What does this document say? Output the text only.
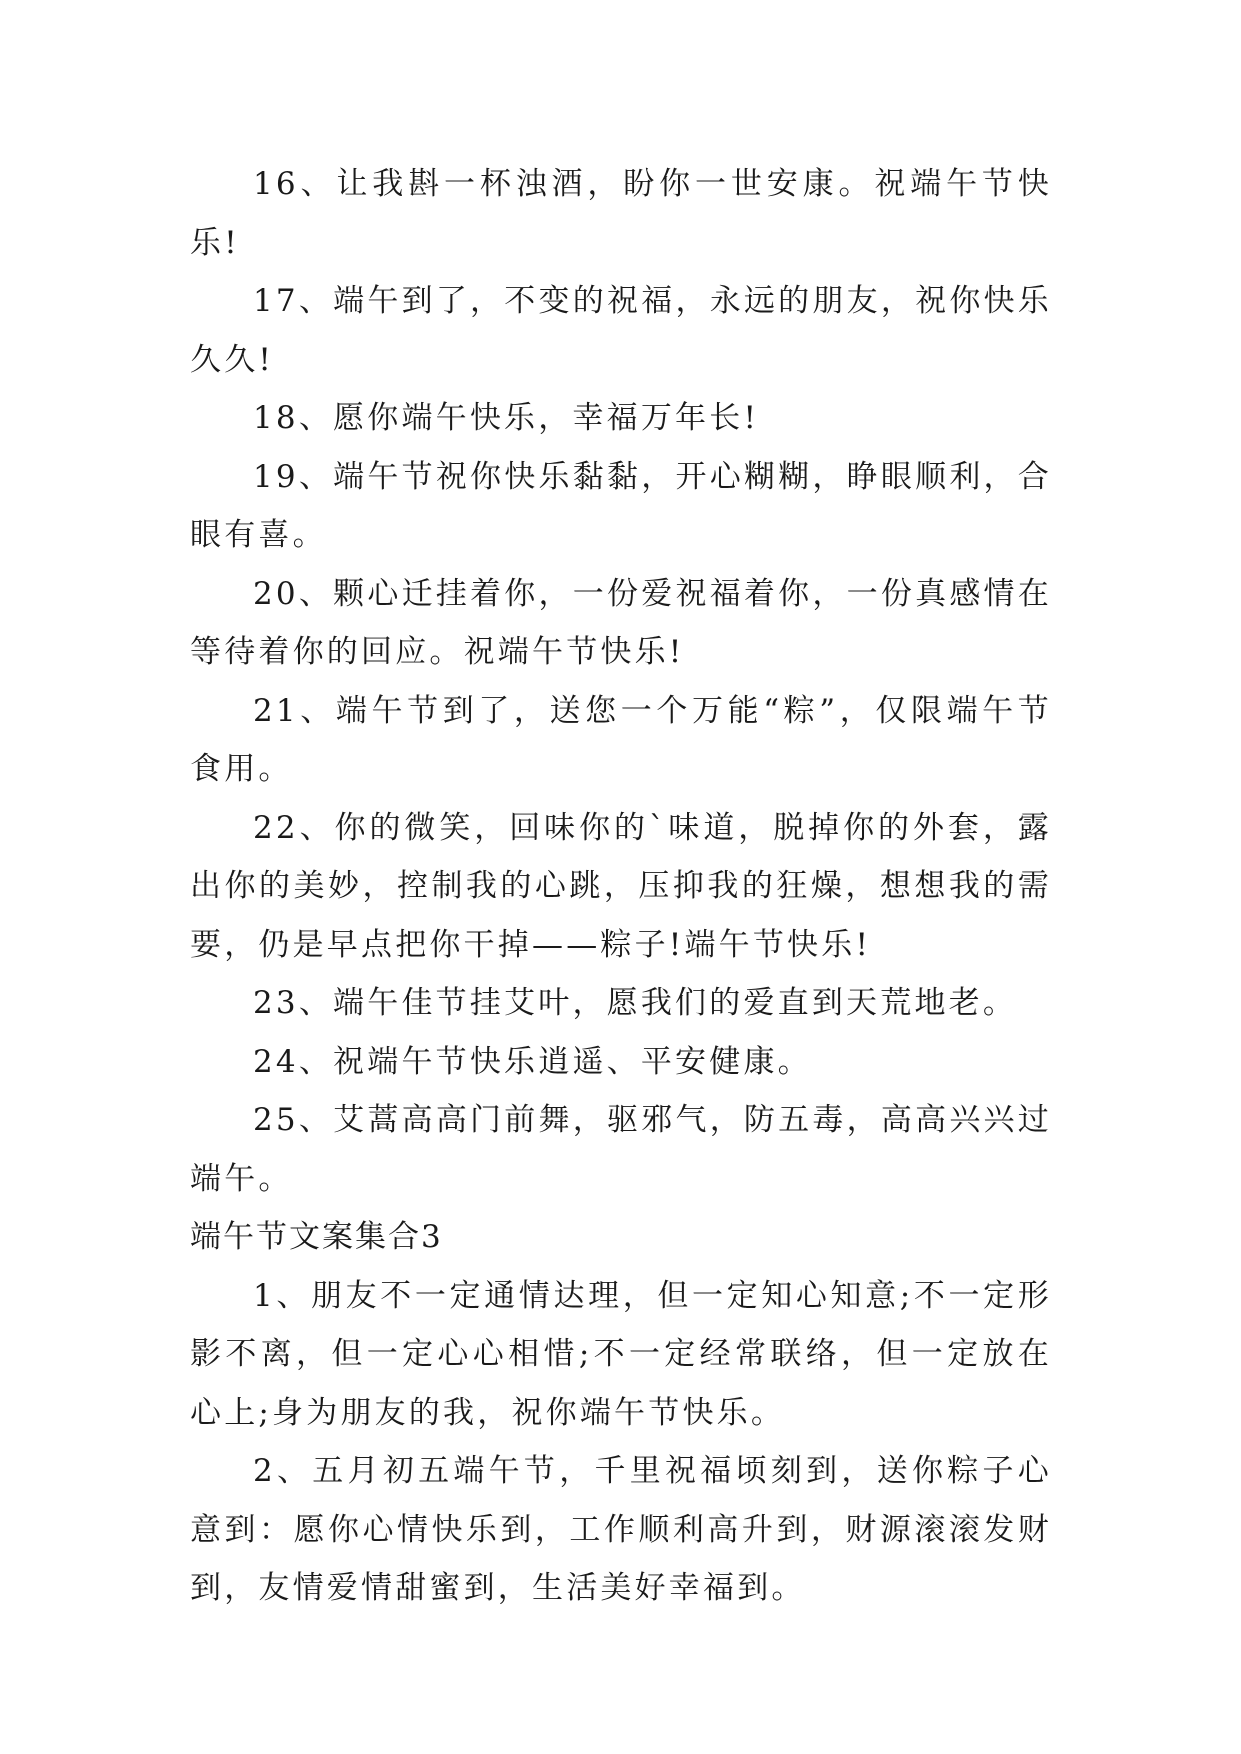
16、让我斟一杯浊酒，盼你一世安康。祝端午节快乐!

17、端午到了，不变的祝福，永远的朋友，祝你快乐久久!

18、愿你端午快乐，幸福万年长!

19、端午节祝你快乐黏黏，开心糊糊，睁眼顺利，合眼有喜。

20、颗心迁挂着你，一份爱祝福着你，一份真感情在等待着你的回应。祝端午节快乐!

21、端午节到了，送您一个万能“粽”，仅限端午节食用。

22、你的微笑，回味你的`味道，脱掉你的外套，露出你的美妙，控制我的心跳，压抑我的狂燥，想想我的需要，仍是早点把你干掉——粽子!端午节快乐!

23、端午佳节挂艾叶，愿我们的爱直到天荒地老。

24、祝端午节快乐逍遥、平安健康。

25、艾蒿高高门前舞，驱邪气，防五毒，高高兴兴过端午。

端午节文案集合3

1、朋友不一定通情达理，但一定知心知意;不一定形影不离，但一定心心相惜;不一定经常联络，但一定放在心上;身为朋友的我，祝你端午节快乐。

2、五月初五端午节，千里祝福顷刻到，送你粽子心意到：愿你心情快乐到，工作顺利高升到，财源滚滚发财到，友情爱情甜蜜到，生活美好幸福到。
